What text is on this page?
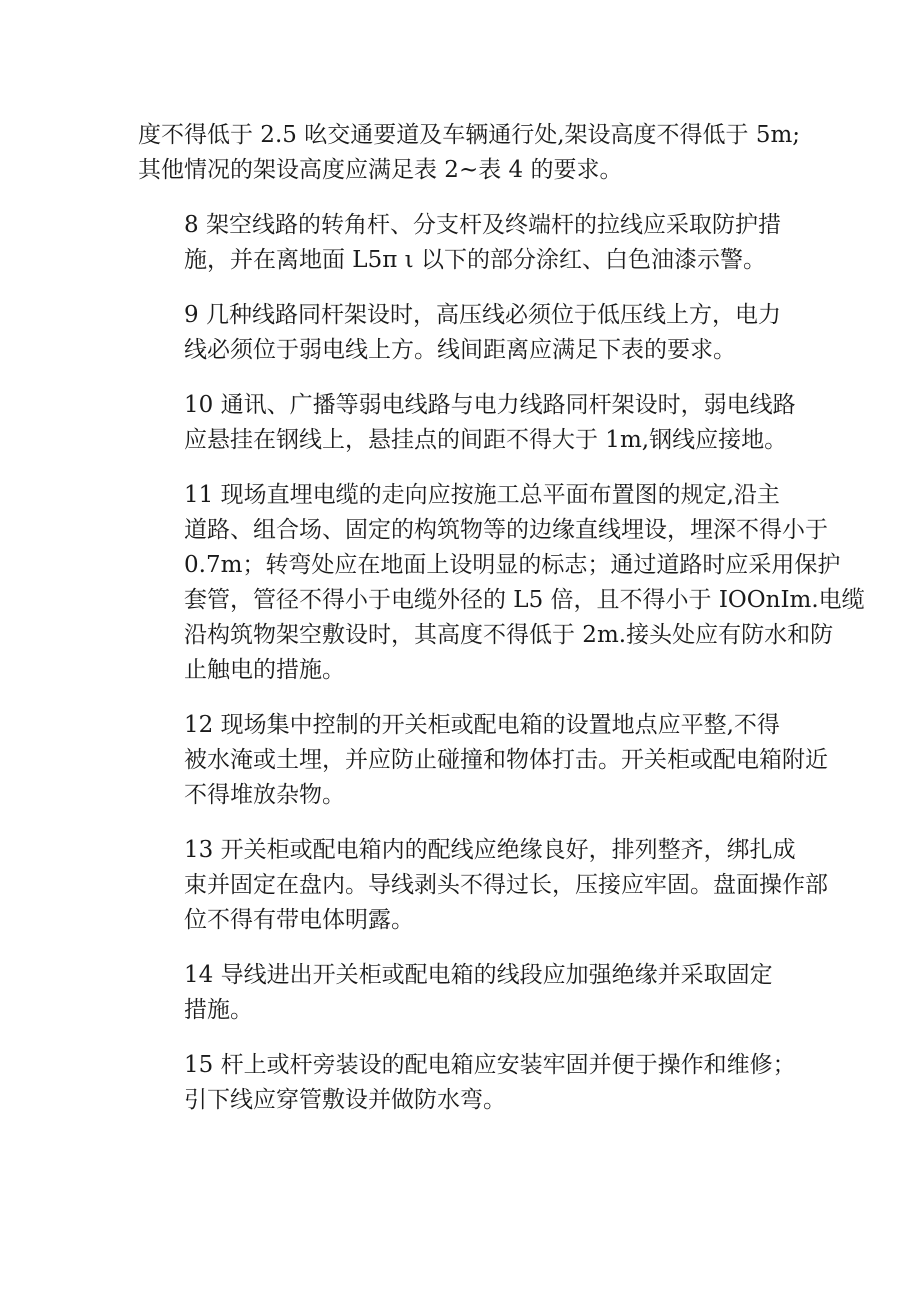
度不得低于 2.5 吆交通要道及车辆通行处,架设高度不得低于 5m;
其他情况的架设高度应满足表 2~表 4 的要求。

8 架空线路的转角杆、分支杆及终端杆的拉线应采取防护措
施，并在离地面 L5π ι 以下的部分涂红、白色油漆示警。

9 几种线路同杆架设时，高压线必须位于低压线上方，电力
线必须位于弱电线上方。线间距离应满足下表的要求。

10 通讯、广播等弱电线路与电力线路同杆架设时，弱电线路
应悬挂在钢线上，悬挂点的间距不得大于 1m,钢线应接地。

11 现场直埋电缆的走向应按施工总平面布置图的规定,沿主
道路、组合场、固定的构筑物等的边缘直线埋设，埋深不得小于
0.7m；转弯处应在地面上设明显的标志；通过道路时应采用保护
套管，管径不得小于电缆外径的 L5 倍，且不得小于 IOOnIm.电缆
沿构筑物架空敷设时，其高度不得低于 2m.接头处应有防水和防
止触电的措施。

12 现场集中控制的开关柜或配电箱的设置地点应平整,不得
被水淹或土埋，并应防止碰撞和物体打击。开关柜或配电箱附近
不得堆放杂物。

13 开关柜或配电箱内的配线应绝缘良好，排列整齐，绑扎成
束并固定在盘内。导线剥头不得过长，压接应牢固。盘面操作部
位不得有带电体明露。

14 导线进出开关柜或配电箱的线段应加强绝缘并采取固定
措施。

15 杆上或杆旁装设的配电箱应安装牢固并便于操作和维修；
引下线应穿管敷设并做防水弯。
